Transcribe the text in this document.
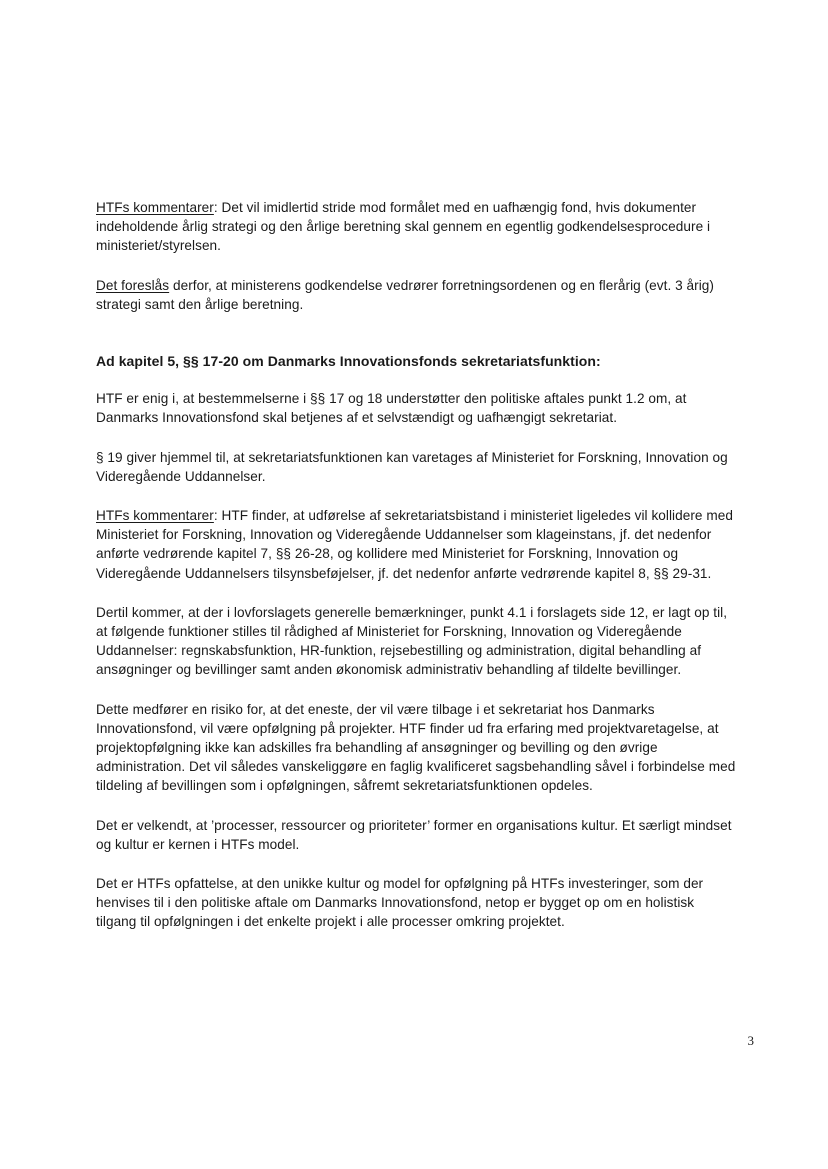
HTFs kommentarer: Det vil imidlertid stride mod formålet med en uafhængig fond, hvis dokumenter indeholdende årlig strategi og den årlige beretning skal gennem en egentlig godkendelsesprocedure i ministeriet/styrelsen.

Det foreslås derfor, at ministerens godkendelse vedrører forretningsordenen og en flerårig (evt. 3 årig) strategi samt den årlige beretning.

Ad kapitel 5, §§ 17-20 om Danmarks Innovationsfonds sekretariatsfunktion:

HTF er enig i, at bestemmelserne i §§ 17 og 18 understøtter den politiske aftales punkt 1.2 om, at Danmarks Innovationsfond skal betjenes af et selvstændigt og uafhængigt sekretariat.

§ 19 giver hjemmel til, at sekretariatsfunktionen kan varetages af Ministeriet for Forskning, Innovation og Videregående Uddannelser.

HTFs kommentarer: HTF finder, at udførelse af sekretariatsbistand i ministeriet ligeledes vil kollidere med Ministeriet for Forskning, Innovation og Videregående Uddannelser som klageinstans, jf. det nedenfor anførte vedrørende kapitel 7, §§ 26-28, og kollidere med Ministeriet for Forskning, Innovation og Videregående Uddannelsers tilsynsbeføjelser, jf. det nedenfor anførte vedrørende kapitel 8, §§ 29-31.

Dertil kommer, at der i lovforslagets generelle bemærkninger, punkt 4.1 i forslagets side 12, er lagt op til, at følgende funktioner stilles til rådighed af Ministeriet for Forskning, Innovation og Videregående Uddannelser: regnskabsfunktion, HR-funktion, rejsebestilling og administration, digital behandling af ansøgninger og bevillinger samt anden økonomisk administrativ behandling af tildelte bevillinger.

Dette medfører en risiko for, at det eneste, der vil være tilbage i et sekretariat hos Danmarks Innovationsfond, vil være opfølgning på projekter. HTF finder ud fra erfaring med projektvaretagelse, at projektopfølgning ikke kan adskilles fra behandling af ansøgninger og bevilling og den øvrige administration. Det vil således vanskeliggøre en faglig kvalificeret sagsbehandling såvel i forbindelse med tildeling af bevillingen som i opfølgningen, såfremt sekretariatsfunktionen opdeles.

Det er velkendt, at ’processer, ressourcer og prioriteter’ former en organisations kultur. Et særligt mindset og kultur er kernen i HTFs model.

Det er HTFs opfattelse, at den unikke kultur og model for opfølgning på HTFs investeringer, som der henvises til i den politiske aftale om Danmarks Innovationsfond, netop er bygget op om en holistisk tilgang til opfølgningen i det enkelte projekt i alle processer omkring projektet.

3
